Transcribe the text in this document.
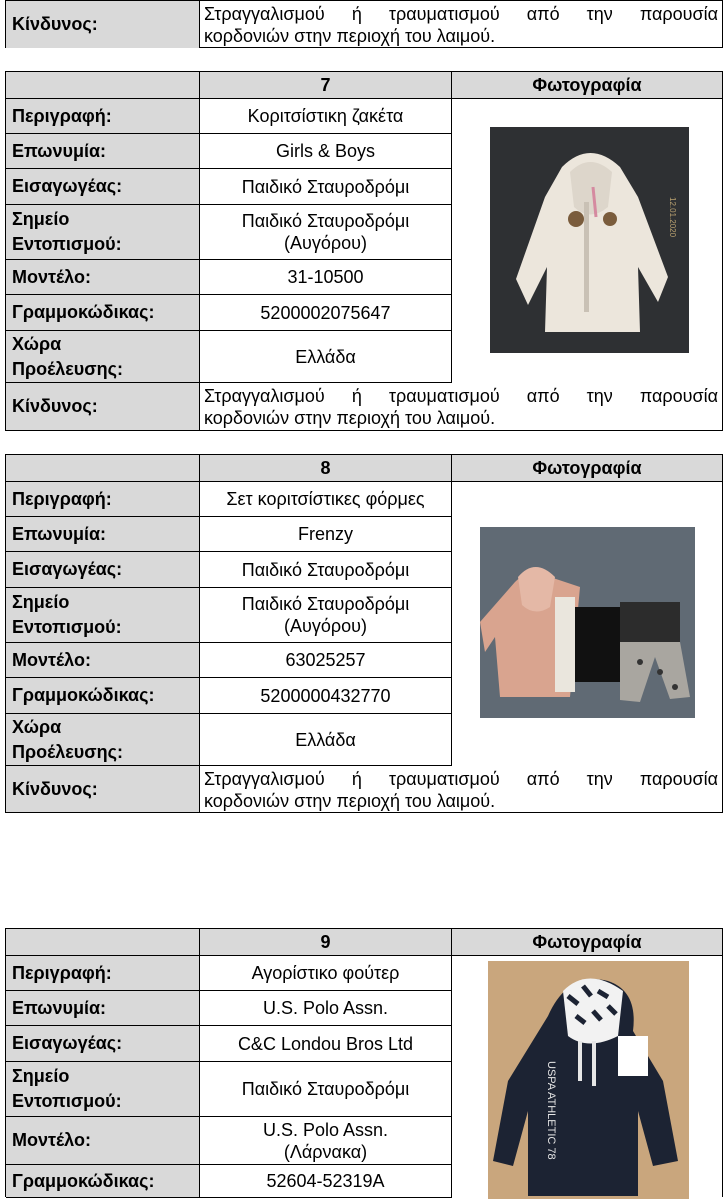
Κίνδυνος:	Στραγγαλισμού ή τραυματισμού από την παρουσία
κορδονιών στην περιοχή του λαιμού.
7	Φωτογραφία
Περιγραφή:	Κοριτσίστικη ζακέτα
Επωνυμία:	Girls & Boys
Εισαγωγέας:	Παιδικό Σταυροδρόμι
Σημείο
Εντοπισμού:
Παιδικό Σταυροδρόμι
(Αυγόρου)
Μοντέλο:	31-10500
Γραμμοκώδικας:	5200002075647
Χώρα
Προέλευσης:
Ελλάδα
Κίνδυνος:	Στραγγαλισμού ή τραυματισμού από την παρουσία
κορδονιών στην περιοχή του λαιμού.
12.01.2020
8	Φωτογραφία
Περιγραφή:	Σετ κοριτσίστικες φόρμες
Επωνυμία:	Frenzy
Εισαγωγέας:	Παιδικό Σταυροδρόμι
Σημείο
Εντοπισμού:
Παιδικό Σταυροδρόμι
(Αυγόρου)
Μοντέλο:	63025257
Γραμμοκώδικας:	5200000432770
Χώρα
Προέλευσης:
Ελλάδα
Κίνδυνος:	Στραγγαλισμού ή τραυματισμού από την παρουσία
κορδονιών στην περιοχή του λαιμού.
9	Φωτογραφία
Περιγραφή:	Αγορίστικο φούτερ
Επωνυμία:	U.S. Polo Assn.
Εισαγωγέας:	C&C Londou Bros Ltd
Σημείο
Εντοπισμού:
Παιδικό Σταυροδρόμι
Μοντέλο:
U.S. Polo Assn.
(Λάρνακα)
Γραμμοκώδικας:	52604-52319A
USPA ATHLETIC 78
